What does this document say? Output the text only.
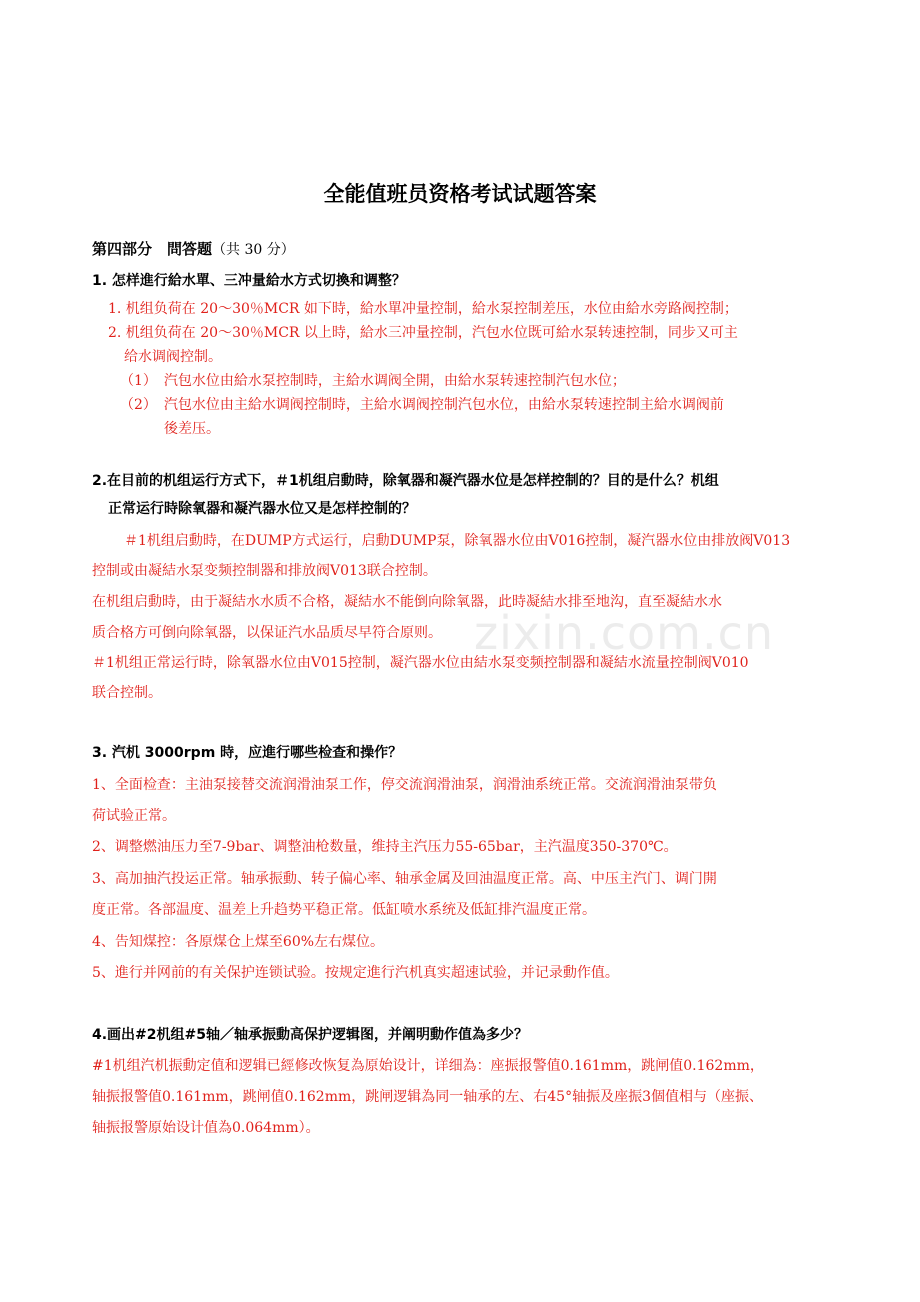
zixin.com.cn
全能值班员资格考试试题答案
第四部分　問答题（共 30 分）
1. 怎样進行給水單、三冲量給水方式切換和调整？
1. 机组负荷在 20～30％MCR 如下時，給水單冲量控制，給水泵控制差压，水位由給水旁路阀控制；
2. 机组负荷在 20～30％MCR 以上時，給水三冲量控制，汽包水位既可給水泵转速控制，同步又可主
给水调阀控制。
（1）　汽包水位由給水泵控制時，主給水调阀全開，由給水泵转速控制汽包水位；
（2）　汽包水位由主給水调阀控制時，主給水调阀控制汽包水位，由給水泵转速控制主給水调阀前
後差压。
2.在目前的机组运行方式下，＃1机组启動時，除氧器和凝汽器水位是怎样控制的？目的是什么？机组
正常运行時除氧器和凝汽器水位又是怎样控制的？
＃1机组启動時，在DUMP方式运行，启動DUMP泵，除氧器水位由V016控制，凝汽器水位由排放阀V013
控制或由凝結水泵变频控制器和排放阀V013联合控制。
在机组启動時，由于凝結水水质不合格，凝結水不能倒向除氧器，此時凝結水排至地沟，直至凝結水水
质合格方可倒向除氧器，以保证汽水品质尽早符合原则。
＃1机组正常运行時，除氧器水位由V015控制，凝汽器水位由結水泵变频控制器和凝結水流量控制阀V010
联合控制。
3. 汽机 3000rpm 時，应進行哪些检查和操作？
1、全面检查：主油泵接替交流润滑油泵工作，停交流润滑油泵，润滑油系统正常。交流润滑油泵带负
荷试验正常。
2、调整燃油压力至7-9bar、调整油枪数量，维持主汽压力55-65bar，主汽温度350-370℃。
3、高加抽汽投运正常。轴承振動、转子偏心率、轴承金属及回油温度正常。高、中压主汽门、调门開
度正常。各部温度、温差上升趋势平稳正常。低缸喷水系统及低缸排汽温度正常。
4、告知煤控：各原煤仓上煤至60%左右煤位。
5、進行并网前的有关保护连锁试验。按规定進行汽机真实超速试验，并记录動作值。
4.画出#2机组#5轴／轴承振動高保护逻辑图，并阐明動作值為多少？
#1机组汽机振動定值和逻辑已經修改恢复為原始设计，详细為：座振报警值0.161mm，跳闸值0.162mm，
轴振报警值0.161mm，跳闸值0.162mm，跳闸逻辑為同一轴承的左、右45°轴振及座振3個值相与（座振、
轴振报警原始设计值為0.064mm）。
